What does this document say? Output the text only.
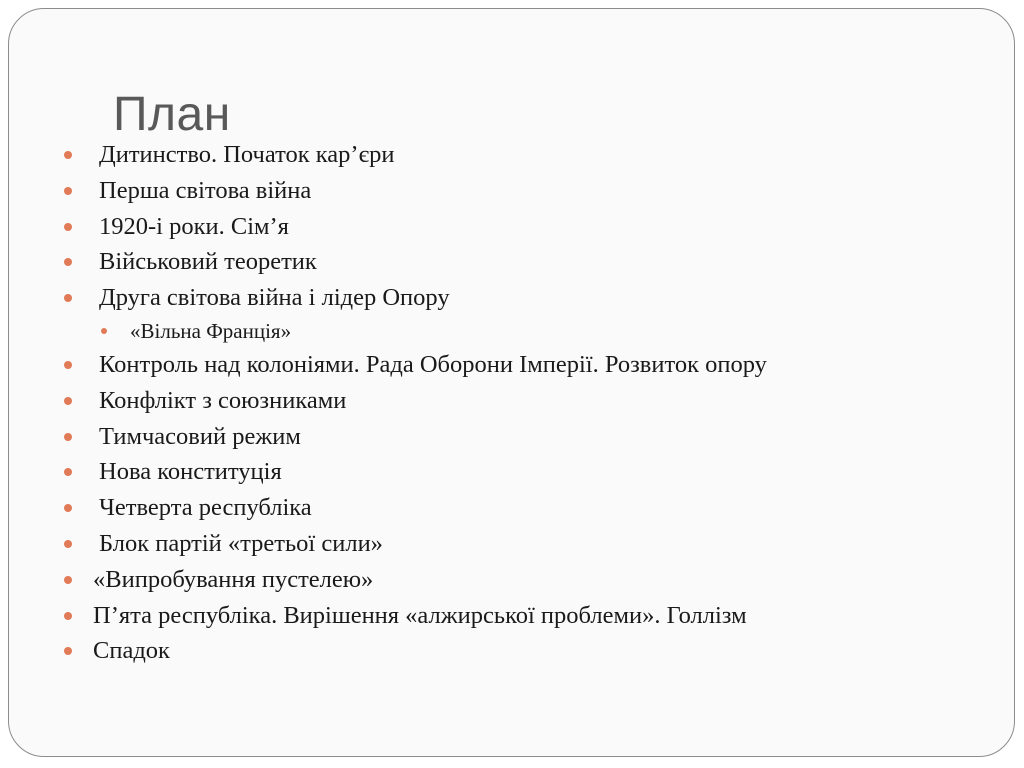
План
Дитинство. Початок кар’єри
Перша світова війна
1920-і роки. Сім’я
Військовий теоретик
Друга світова війна і лідер Опору
«Вільна Франція»
Контроль над колоніями. Рада Оборони Імперії. Розвиток опору
Конфлікт з союзниками
Тимчасовий режим
Нова конституція
Четверта республіка
Блок партій «третьої сили»
«Випробування пустелею»
П’ята республіка. Вирішення «алжирської проблеми». Голлізм
Спадок
